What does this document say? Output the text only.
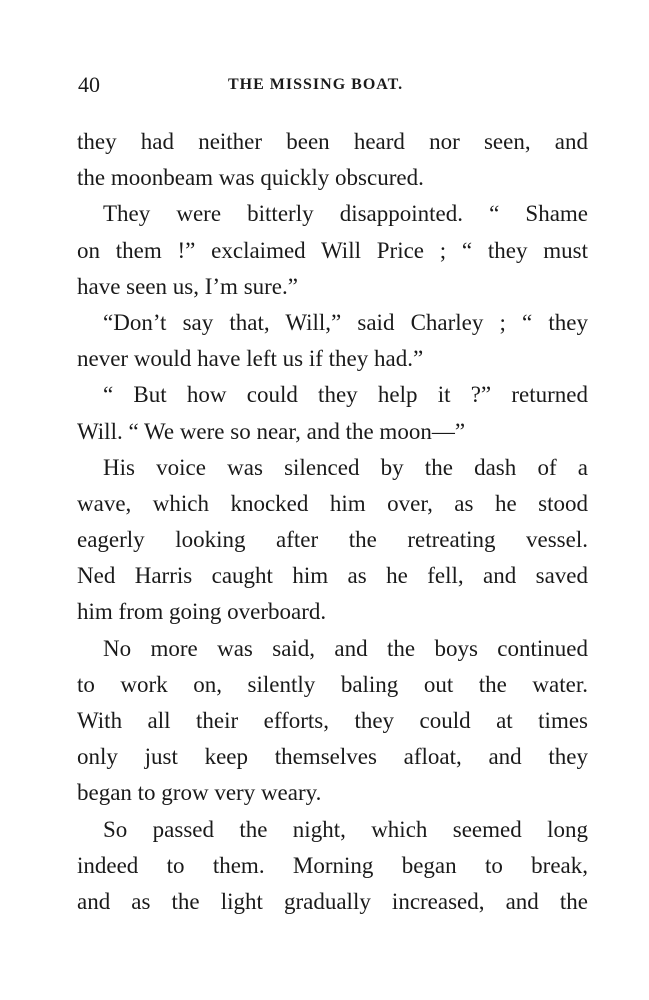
40	THE MISSING BOAT.
they had neither been heard nor seen, and
the moonbeam was quickly obscured.
They were bitterly disappointed. “ Shame
on them !” exclaimed Will Price ; “ they must
have seen us, I’m sure.”
“Don’t say that, Will,” said Charley ; “ they
never would have left us if they had.”
“ But how could they help it ?” returned
Will. “ We were so near, and the moon—”
His voice was silenced by the dash of a
wave, which knocked him over, as he stood
eagerly looking after the retreating vessel.
Ned Harris caught him as he fell, and saved
him from going overboard.
No more was said, and the boys continued
to work on, silently baling out the water.
With all their efforts, they could at times
only just keep themselves afloat, and they
began to grow very weary.
So passed the night, which seemed long
indeed to them. Morning began to break,
and as the light gradually increased, and the
